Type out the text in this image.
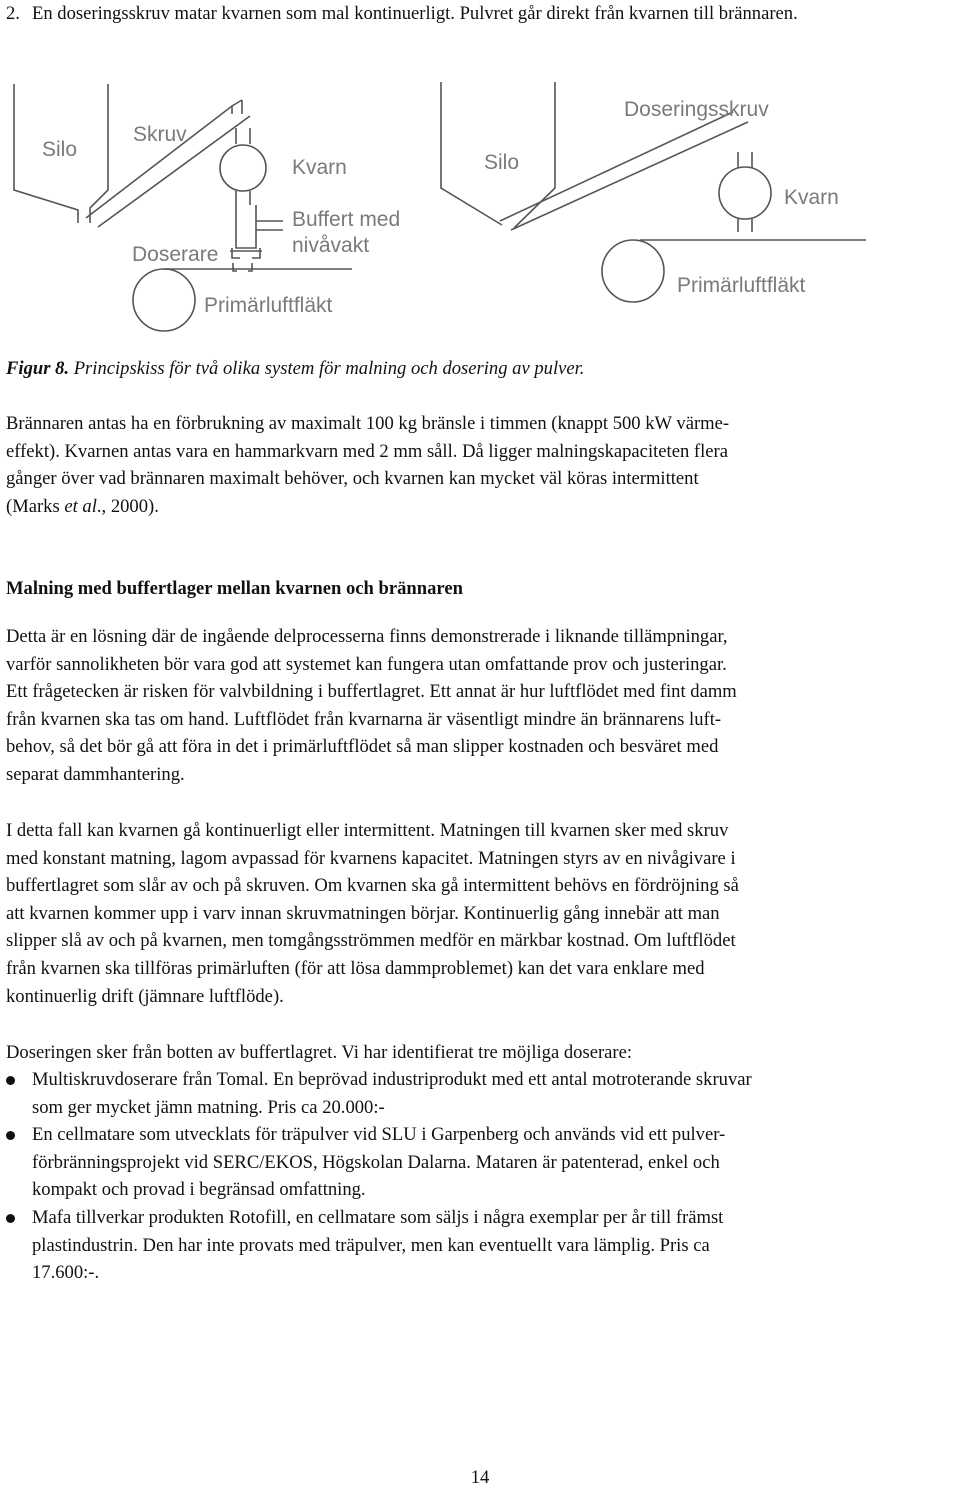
2. En doseringsskruv matar kvarnen som mal kontinuerligt. Pulvret går direkt från kvarnen till brännaren.
Silo
Skruv
Kvarn
Buffert med
nivåvakt
Doserare
Primärluftfläkt
Silo
Doseringsskruv
Kvarn
Primärluftfläkt
Figur 8. Principskiss för två olika system för malning och dosering av pulver.
Brännaren antas ha en förbrukning av maximalt 100 kg bränsle i timmen (knappt 500 kW värme-
effekt). Kvarnen antas vara en hammarkvarn med 2 mm såll. Då ligger malningskapaciteten flera
gånger över vad brännaren maximalt behöver, och kvarnen kan mycket väl köras intermittent
(Marks et al., 2000).
Malning med buffertlager mellan kvarnen och brännaren
Detta är en lösning där de ingående delprocesserna finns demonstrerade i liknande tillämpningar,
varför sannolikheten bör vara god att systemet kan fungera utan omfattande prov och justeringar.
Ett frågetecken är risken för valvbildning i buffertlagret. Ett annat är hur luftflödet med fint damm
från kvarnen ska tas om hand. Luftflödet från kvarnarna är väsentligt mindre än brännarens luft-
behov, så det bör gå att föra in det i primärluftflödet så man slipper kostnaden och besväret med
separat dammhantering.
I detta fall kan kvarnen gå kontinuerligt eller intermittent. Matningen till kvarnen sker med skruv
med konstant matning, lagom avpassad för kvarnens kapacitet. Matningen styrs av en nivågivare i
buffertlagret som slår av och på skruven. Om kvarnen ska gå intermittent behövs en fördröjning så
att kvarnen kommer upp i varv innan skruvmatningen börjar. Kontinuerlig gång innebär att man
slipper slå av och på kvarnen, men tomgångsströmmen medför en märkbar kostnad. Om luftflödet
från kvarnen ska tillföras primärluften (för att lösa dammproblemet) kan det vara enklare med
kontinuerlig drift (jämnare luftflöde).
Doseringen sker från botten av buffertlagret. Vi har identifierat tre möjliga doserare:
Multiskruvdoserare från Tomal. En beprövad industriprodukt med ett antal motroterande skruvar
som ger mycket jämn matning. Pris ca 20.000:-
En cellmatare som utvecklats för träpulver vid SLU i Garpenberg och används vid ett pulver-
förbränningsprojekt vid SERC/EKOS, Högskolan Dalarna. Mataren är patenterad, enkel och
kompakt och provad i begränsad omfattning.
Mafa tillverkar produkten Rotofill, en cellmatare som säljs i några exemplar per år till främst
plastindustrin. Den har inte provats med träpulver, men kan eventuellt vara lämplig. Pris ca
17.600:-.
14
